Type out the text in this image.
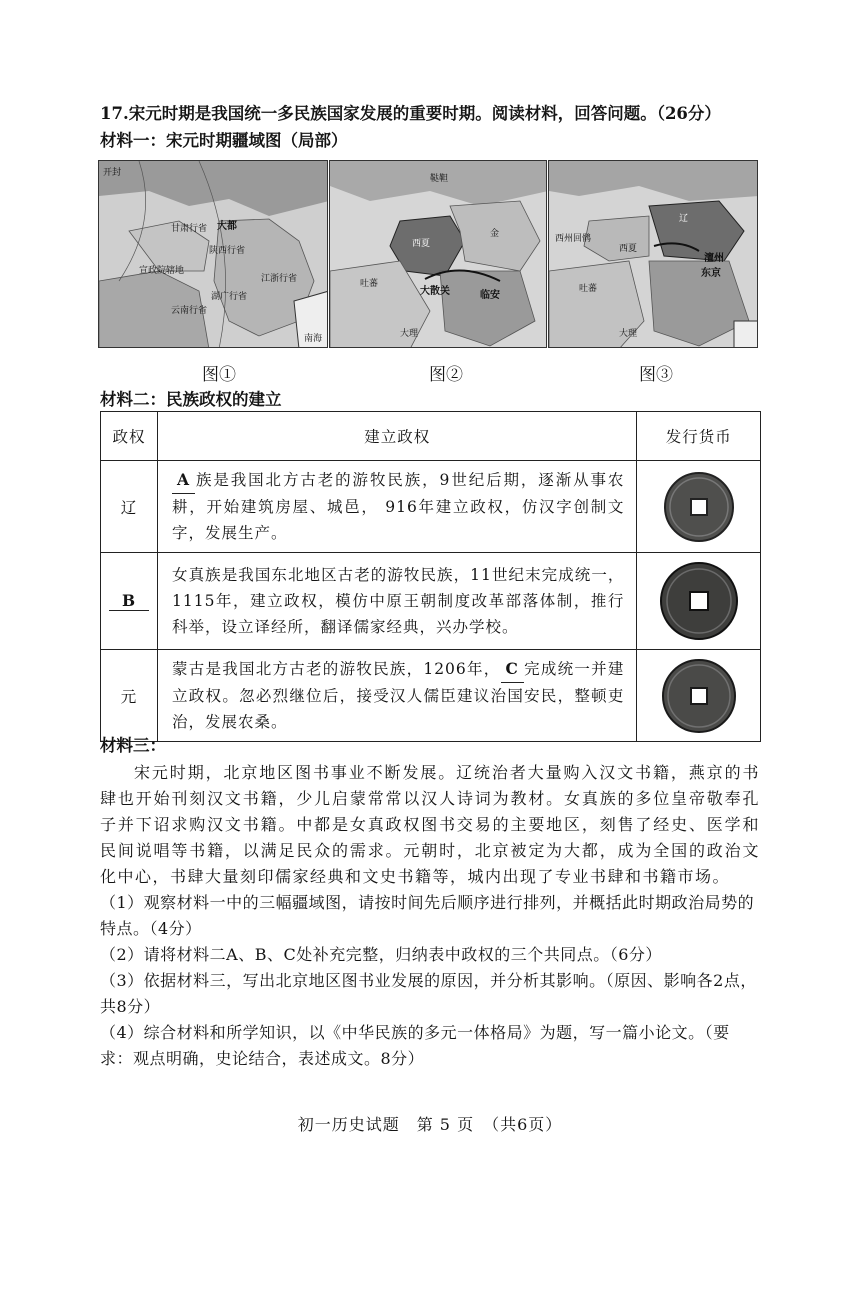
17.宋元时期是我国统一多民族国家发展的重要时期。阅读材料，回答问题。（26分）
材料一：宋元时期疆域图（局部）
开封
大都
甘肃行省
陕西行省
宣政院辖地
湖广行省
云南行省
江浙行省
南海
鞑靼
西夏
金
大散关	临安
吐蕃
大理
西州回鹘
西夏
辽
澶州
东京
吐蕃
大理
图①	图②	图③
材料二：民族政权的建立
政权	建立政权	发行货币
辽	A 族是我国北方古老的游牧民族，9世纪后期，逐渐从事农耕，开始建筑房屋、城邑， 916年建立政权，仿汉字创制文字，发展生产。	
B	女真族是我国东北地区古老的游牧民族，11世纪末完成统一，1115年，建立政权，模仿中原王朝制度改革部落体制，推行科举，设立译经所，翻译儒家经典，兴办学校。	
元	蒙古是我国北方古老的游牧民族，1206年， C 完成统一并建立政权。忽必烈继位后，接受汉人儒臣建议治国安民，整顿吏治，发展农桑。	
材料三：
宋元时期，北京地区图书事业不断发展。辽统治者大量购入汉文书籍，燕京的书肆也开始刊刻汉文书籍，少儿启蒙常常以汉人诗词为教材。女真族的多位皇帝敬奉孔子并下诏求购汉文书籍。中都是女真政权图书交易的主要地区，刻售了经史、医学和民间说唱等书籍，以满足民众的需求。元朝时，北京被定为大都，成为全国的政治文化中心，书肆大量刻印儒家经典和文史书籍等，城内出现了专业书肆和书籍市场。
（1）观察材料一中的三幅疆域图，请按时间先后顺序进行排列，并概括此时期政治局势的特点。（4分）
（2）请将材料二A、B、C处补充完整，归纳表中政权的三个共同点。（6分）
（3）依据材料三，写出北京地区图书业发展的原因，并分析其影响。（原因、影响各2点，共8分）
（4）综合材料和所学知识，以《中华民族的多元一体格局》为题，写一篇小论文。（要求：观点明确，史论结合，表述成文。8分）
初一历史试题　第 5 页　（共6页）
